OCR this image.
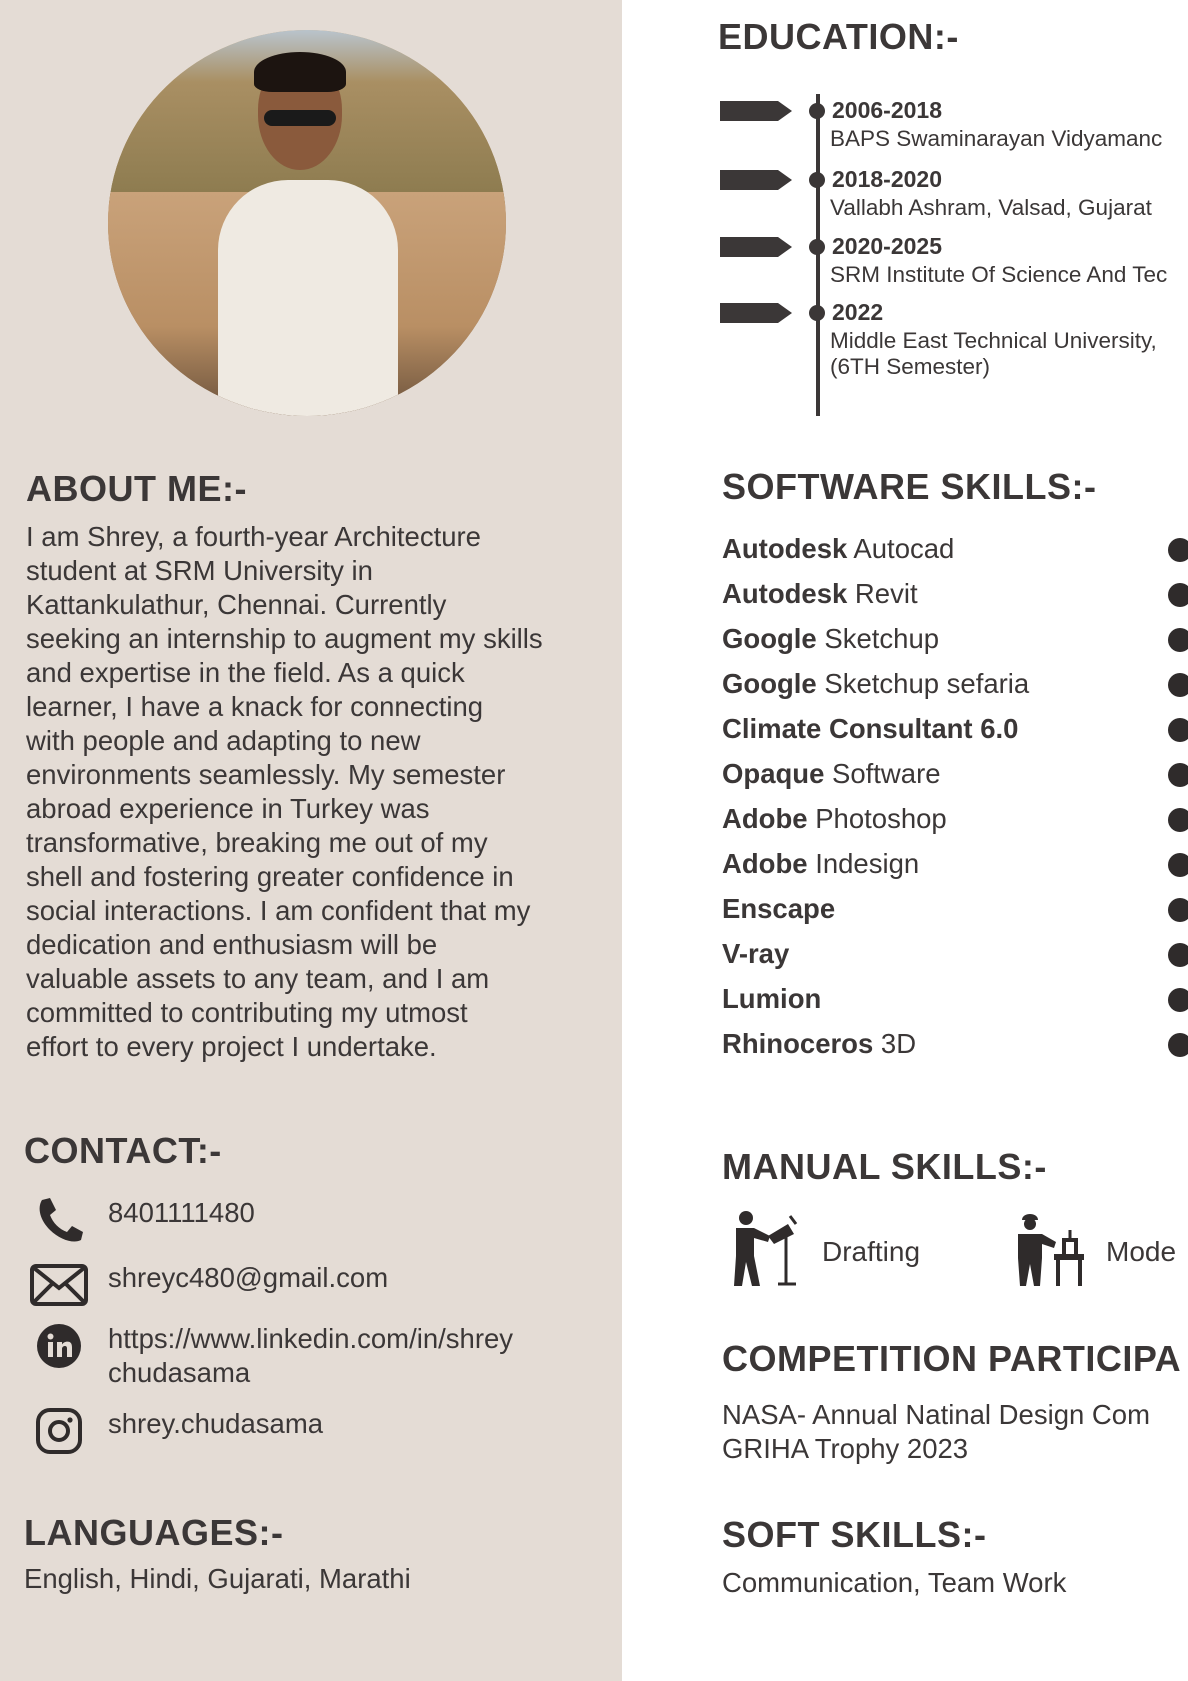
ABOUT ME:-
I am Shrey, a fourth-year Architecture
student at SRM University in
Kattankulathur, Chennai. Currently
seeking an internship to augment my skills
and expertise in the field. As a quick
learner, I have a knack for connecting
with people and adapting to new
environments seamlessly. My semester
abroad experience in Turkey was
transformative, breaking me out of my
shell and fostering greater confidence in
social interactions. I am confident that my
dedication and enthusiasm will be
valuable assets to any team, and I am
committed to contributing my utmost
effort to every project I undertake.
CONTACT:-
8401111480
shreyc480@gmail.com
https://www.linkedin.com/in/shrey
chudasama
shrey.chudasama
LANGUAGES:-
English, Hindi, Gujarati, Marathi
EDUCATION:-
2006-2018
BAPS Swaminarayan Vidyamanc
2018-2020
Vallabh Ashram, Valsad, Gujarat
2020-2025
SRM Institute Of Science And Tec
2022
Middle East Technical University,
(6TH Semester)
SOFTWARE SKILLS:-
Autodesk Autocad
Autodesk Revit
Google Sketchup
Google Sketchup sefaria
Climate Consultant 6.0
Opaque Software
Adobe Photoshop
Adobe Indesign
Enscape
V-ray
Lumion
Rhinoceros 3D
MANUAL SKILLS:-
Drafting	Mode
COMPETITION PARTICIPA
NASA- Annual Natinal Design Com
GRIHA Trophy 2023
SOFT SKILLS:-
Communication, Team Work
